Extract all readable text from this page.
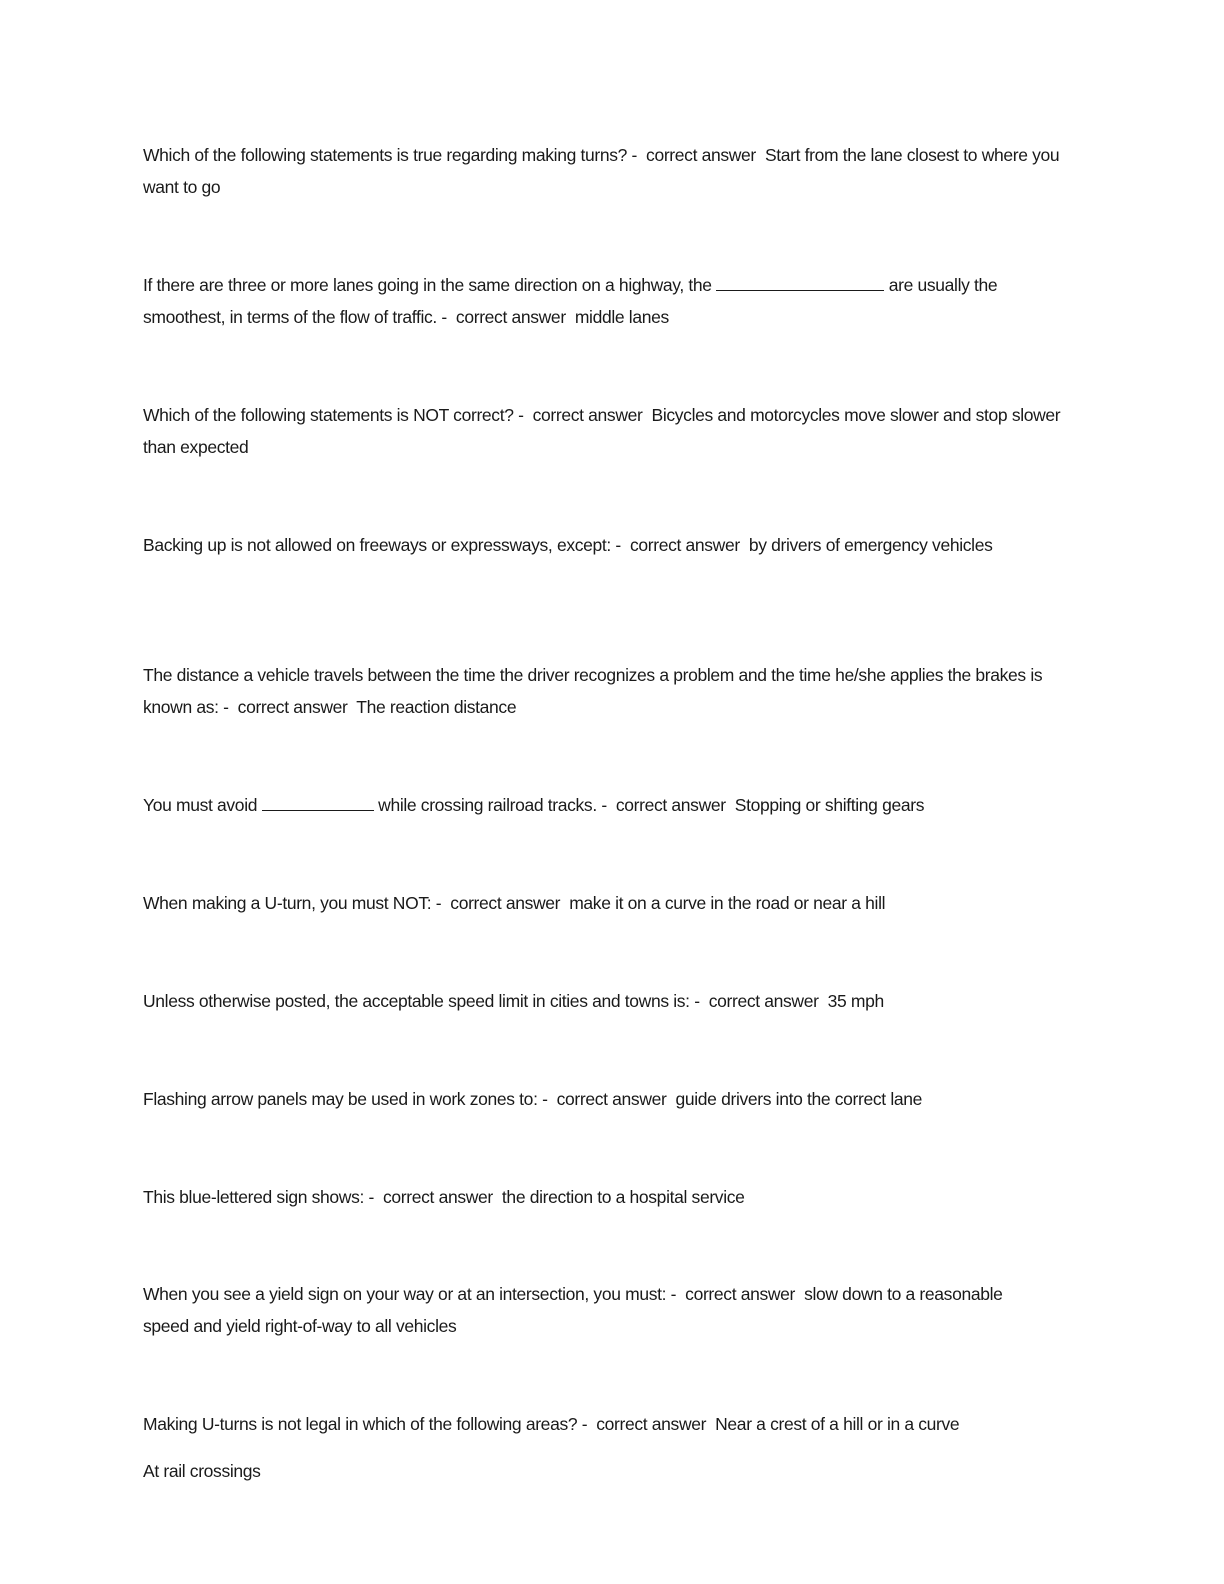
Which of the following statements is true regarding making turns? -  correct answer  Start from the lane closest to where you want to go
If there are three or more lanes going in the same direction on a highway, the	are usually the smoothest, in terms of the flow of traffic. -  correct answer  middle lanes
Which of the following statements is NOT correct? -  correct answer  Bicycles and motorcycles move slower and stop slower than expected
Backing up is not allowed on freeways or expressways, except: -  correct answer  by drivers of emergency vehicles
The distance a vehicle travels between the time the driver recognizes a problem and the time he/she applies the brakes is known as: -  correct answer  The reaction distance
You must avoid	while crossing railroad tracks. -  correct answer  Stopping or shifting gears
When making a U-turn, you must NOT: -  correct answer  make it on a curve in the road or near a hill
Unless otherwise posted, the acceptable speed limit in cities and towns is: -  correct answer  35 mph
Flashing arrow panels may be used in work zones to: -  correct answer  guide drivers into the correct lane
This blue-lettered sign shows: -  correct answer  the direction to a hospital service
When you see a yield sign on your way or at an intersection, you must: -  correct answer  slow down to a reasonable speed and yield right-of-way to all vehicles
Making U-turns is not legal in which of the following areas? -  correct answer  Near a crest of a hill or in a curve
At rail crossings
